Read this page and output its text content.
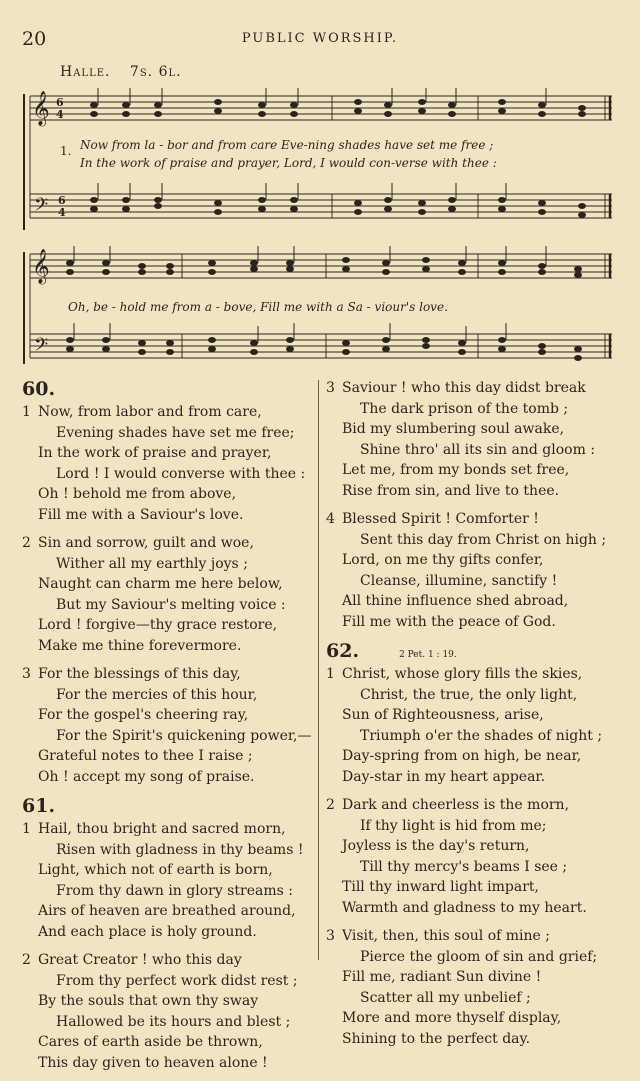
20	PUBLIC WORSHIP.
Halle. 7s. 6l.
𝄞
𝄢
6
4
6
4
1. Now from la - bor and from care Eve-ning shades have set me free ;
In the work of praise and prayer, Lord, I would con-verse with thee :
𝄞
𝄢
Oh, be - hold me from a - bove, Fill me with a Sa - viour's love.
60.
1 Now, from labor and from care,
Evening shades have set me free;
In the work of praise and prayer,
Lord ! I would converse with thee :
Oh ! behold me from above,
Fill me with a Saviour's love.
2 Sin and sorrow, guilt and woe,
Wither all my earthly joys ;
Naught can charm me here below,
But my Saviour's melting voice :
Lord ! forgive—thy grace restore,
Make me thine forevermore.
3 For the blessings of this day,
For the mercies of this hour,
For the gospel's cheering ray,
For the Spirit's quickening power,—
Grateful notes to thee I raise ;
Oh ! accept my song of praise.
61.
1 Hail, thou bright and sacred morn,
Risen with gladness in thy beams !
Light, which not of earth is born,
From thy dawn in glory streams :
Airs of heaven are breathed around,
And each place is holy ground.
2 Great Creator ! who this day
From thy perfect work didst rest ;
By the souls that own thy sway
Hallowed be its hours and blest ;
Cares of earth aside be thrown,
This day given to heaven alone !
3 Saviour ! who this day didst break
The dark prison of the tomb ;
Bid my slumbering soul awake,
Shine thro' all its sin and gloom :
Let me, from my bonds set free,
Rise from sin, and live to thee.
4 Blessed Spirit ! Comforter !
Sent this day from Christ on high ;
Lord, on me thy gifts confer,
Cleanse, illumine, sanctify !
All thine influence shed abroad,
Fill me with the peace of God.
62.	2 Pet. 1 : 19.
1 Christ, whose glory fills the skies,
Christ, the true, the only light,
Sun of Righteousness, arise,
Triumph o'er the shades of night ;
Day-spring from on high, be near,
Day-star in my heart appear.
2 Dark and cheerless is the morn,
If thy light is hid from me;
Joyless is the day's return,
Till thy mercy's beams I see ;
Till thy inward light impart,
Warmth and gladness to my heart.
3 Visit, then, this soul of mine ;
Pierce the gloom of sin and grief;
Fill me, radiant Sun divine !
Scatter all my unbelief ;
More and more thyself display,
Shining to the perfect day.
